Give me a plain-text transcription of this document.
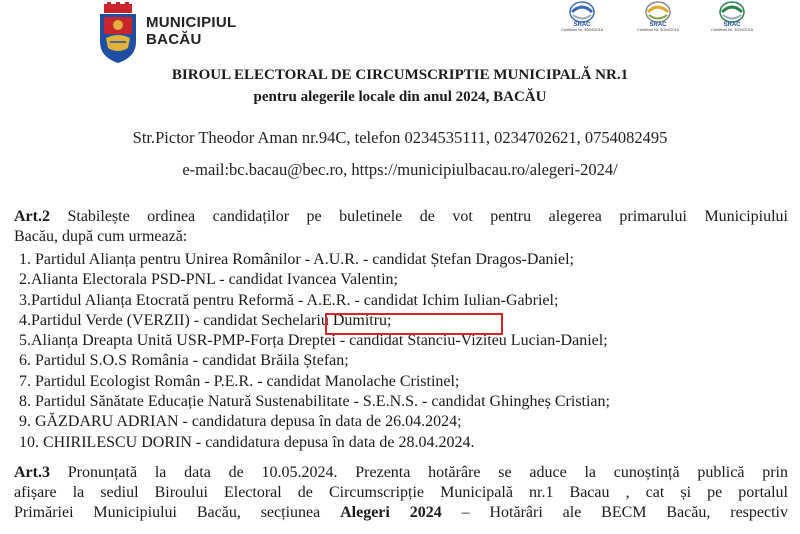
MUNICIPIUL
BACĂU
SRAC
Certificat Nr. 3034/2016
SRAC
Certificat Nr. 3034/2016
SRAC
Certificat Nr. 3034/2016
BIROUL ELECTORAL DE CIRCUMSCRIPTIE MUNICIPALĂ NR.1
pentru alegerile locale din anul 2024, BACĂU
Str.Pictor Theodor Aman nr.94C, telefon 0234535111, 0234702621, 0754082495
e-mail:bc.bacau@bec.ro, https://municipiulbacau.ro/alegeri-2024/
Art.2 Stabilește ordinea candidaților pe buletinele de vot pentru alegerea primarului Municipiului
Bacău, după cum urmează:
1. Partidul Alianța pentru Unirea Românilor - A.U.R. - candidat Ștefan Dragos-Daniel;
2.Alianta Electorala PSD-PNL - candidat Ivancea Valentin;
3.Partidul Alianța Etocrată pentru Reformă - A.E.R. - candidat Ichim Iulian-Gabriel;
4.Partidul Verde (VERZII) - candidat Sechelariu Dumitru;
5.Alianța Dreapta Unită USR-PMP-Forța Dreptei - candidat Stanciu-Viziteu Lucian-Daniel;
6. Partidul S.O.S România - candidat Brăila Ștefan;
7. Partidul Ecologist Român - P.E.R. - candidat Manolache Cristinel;
8. Partidul Sănătate Educație Natură Sustenabilitate - S.E.N.S. - candidat Ghingheș Cristian;
9. GĂZDARU ADRIAN - candidatura depusa în data de 26.04.2024;
10. CHIRILESCU DORIN - candidatura depusa în data de 28.04.2024.
Art.3 Pronunțată la data de 10.05.2024. Prezenta hotărâre se aduce la cunoștință publică prin
afișare la sediul Biroului Electoral de Circumscripție Municipală nr.1 Bacau , cat și pe portalul
Primăriei Municipiului Bacău, secțiunea Alegeri 2024 – Hotărâri ale BECM Bacău, respectiv
